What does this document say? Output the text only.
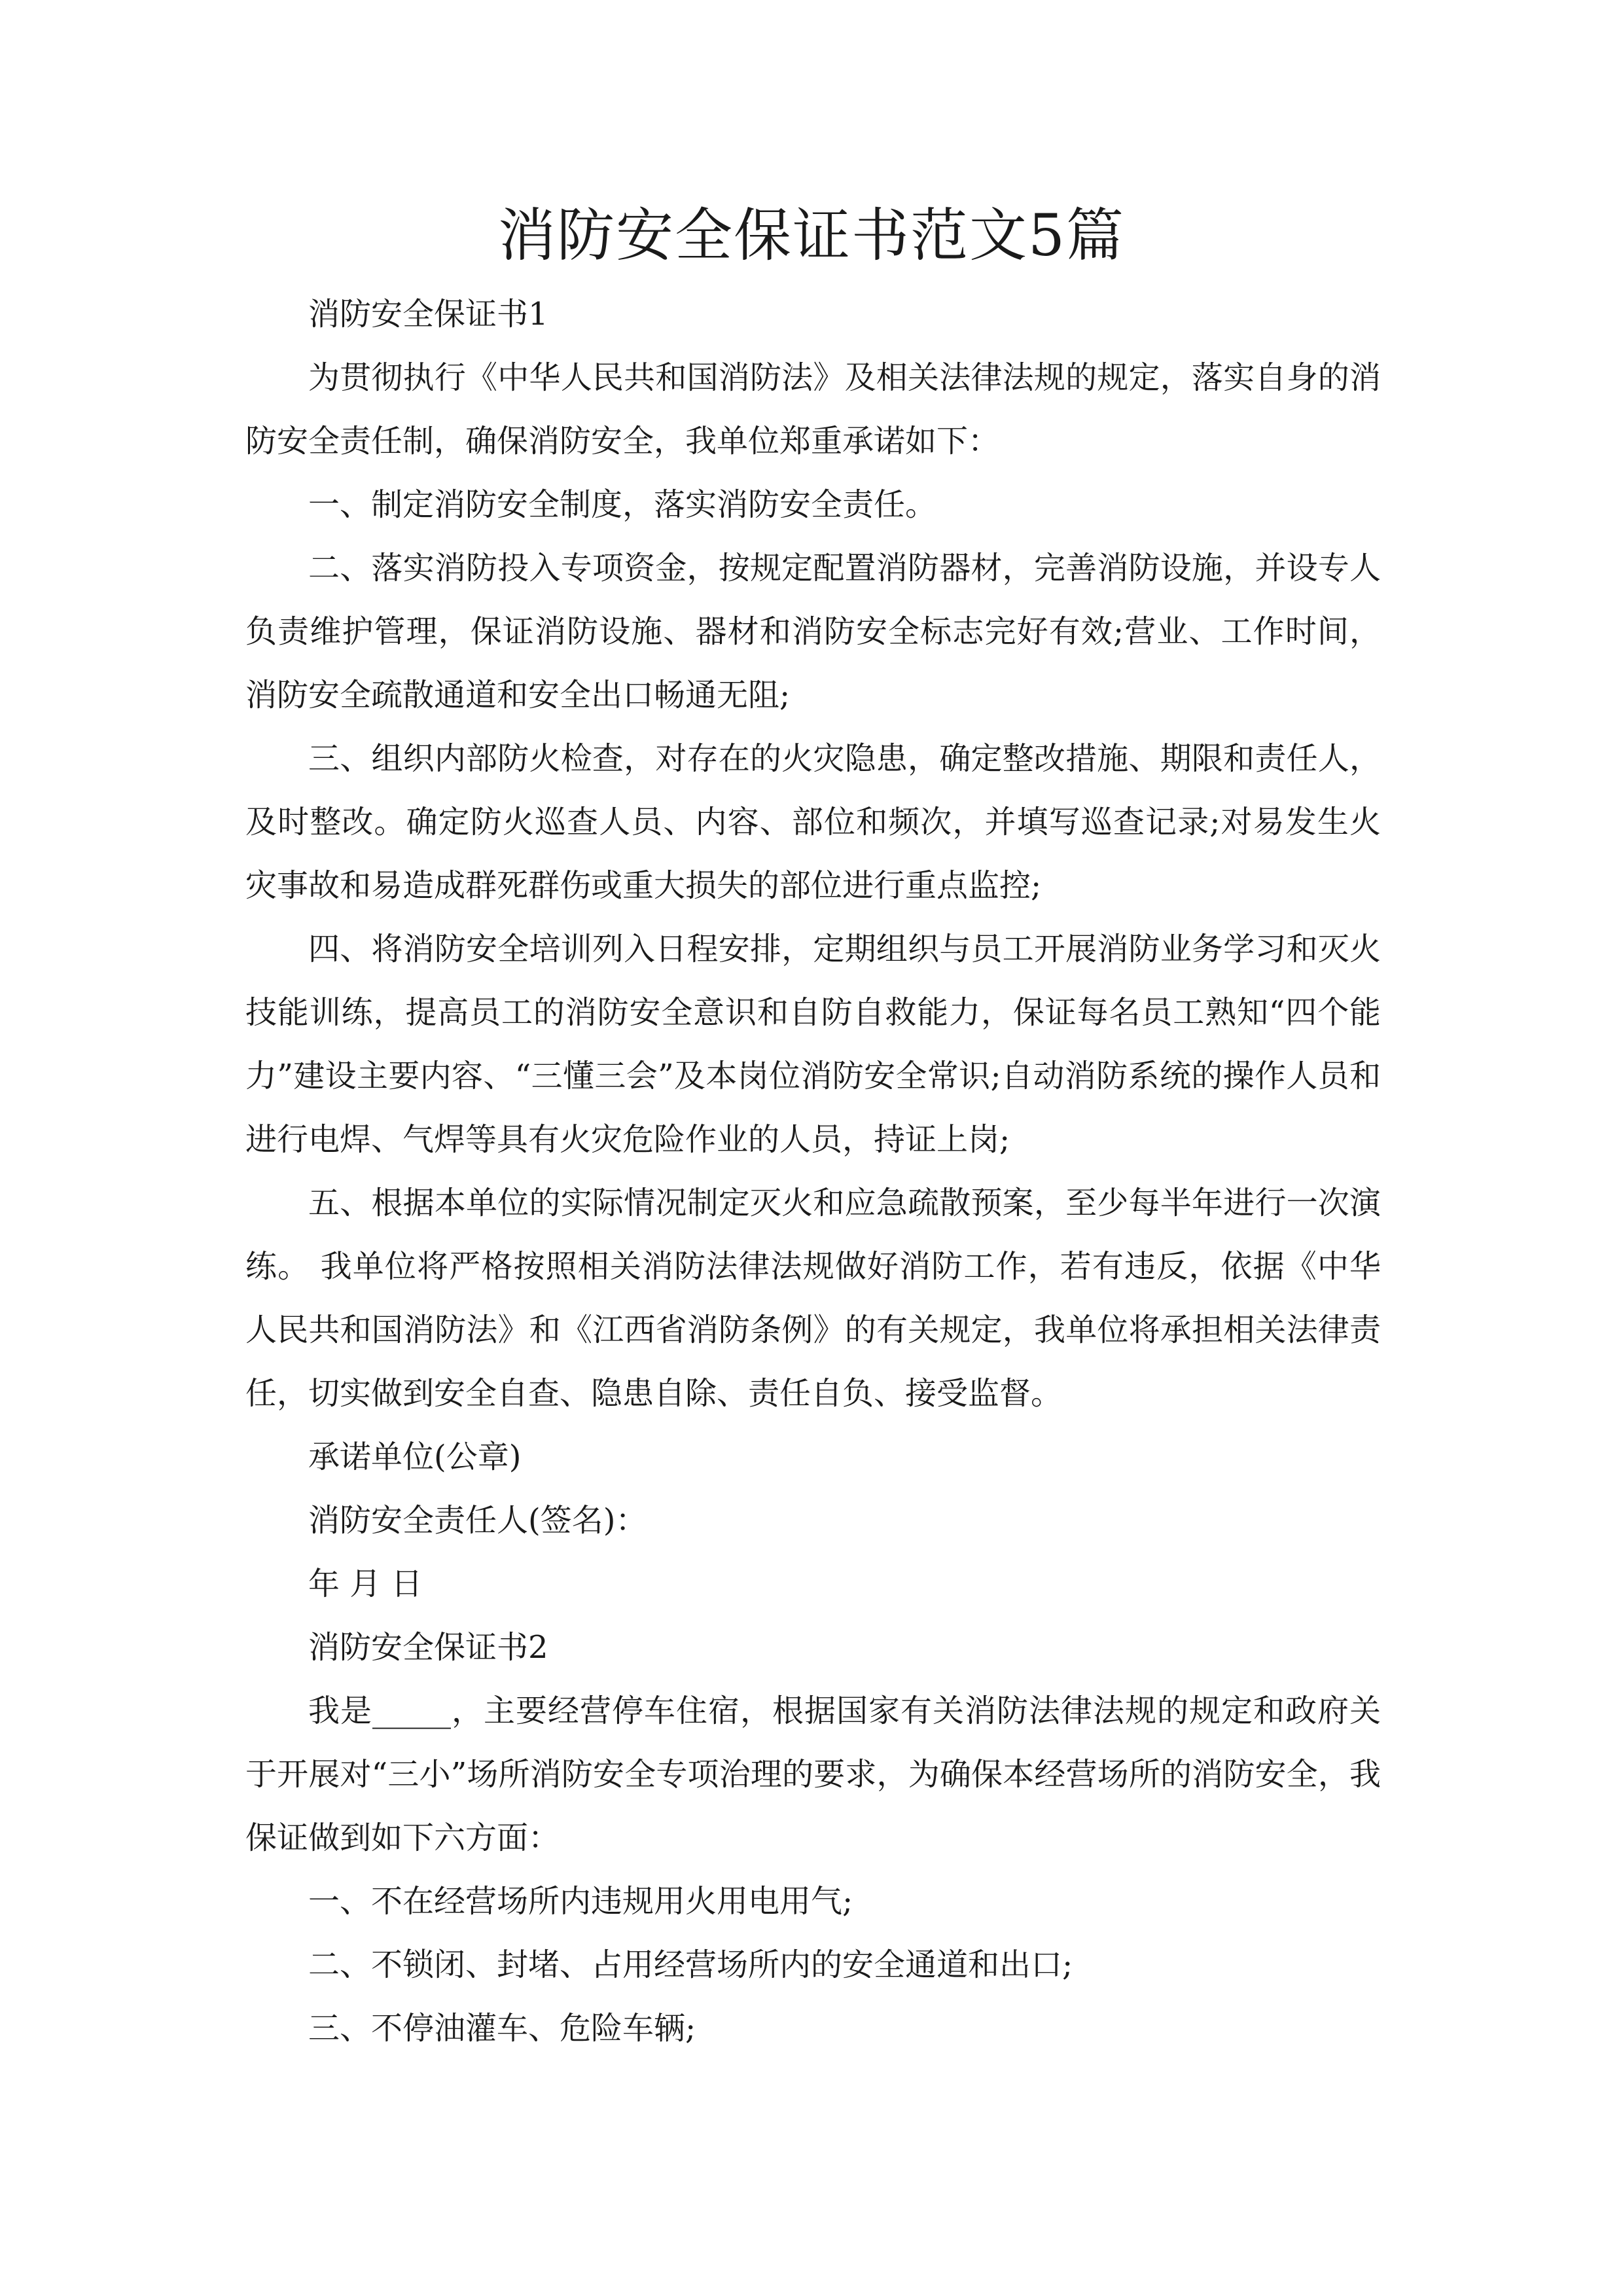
消防安全保证书范文5篇

消防安全保证书1

为贯彻执行《中华人民共和国消防法》及相关法律法规的规定，落实自身的消防安全责任制，确保消防安全，我单位郑重承诺如下：

一、制定消防安全制度，落实消防安全责任。

二、落实消防投入专项资金，按规定配置消防器材，完善消防设施，并设专人负责维护管理，保证消防设施、器材和消防安全标志完好有效;营业、工作时间，消防安全疏散通道和安全出口畅通无阻;

三、组织内部防火检查，对存在的火灾隐患，确定整改措施、期限和责任人，及时整改。确定防火巡查人员、内容、部位和频次，并填写巡查记录;对易发生火灾事故和易造成群死群伤或重大损失的部位进行重点监控;

四、将消防安全培训列入日程安排，定期组织与员工开展消防业务学习和灭火技能训练，提高员工的消防安全意识和自防自救能力，保证每名员工熟知“四个能力”建设主要内容、“三懂三会”及本岗位消防安全常识;自动消防系统的操作人员和进行电焊、气焊等具有火灾危险作业的人员，持证上岗;

五、根据本单位的实际情况制定灭火和应急疏散预案，至少每半年进行一次演练。 我单位将严格按照相关消防法律法规做好消防工作，若有违反，依据《中华人民共和国消防法》和《江西省消防条例》的有关规定，我单位将承担相关法律责任，切实做到安全自查、隐患自除、责任自负、接受监督。

承诺单位(公章)

消防安全责任人(签名)：

年 月 日

消防安全保证书2

我是_____，主要经营停车住宿，根据国家有关消防法律法规的规定和政府关于开展对“三小”场所消防安全专项治理的要求，为确保本经营场所的消防安全，我保证做到如下六方面：

一、不在经营场所内违规用火用电用气;

二、不锁闭、封堵、占用经营场所内的安全通道和出口;

三、不停油灌车、危险车辆;
